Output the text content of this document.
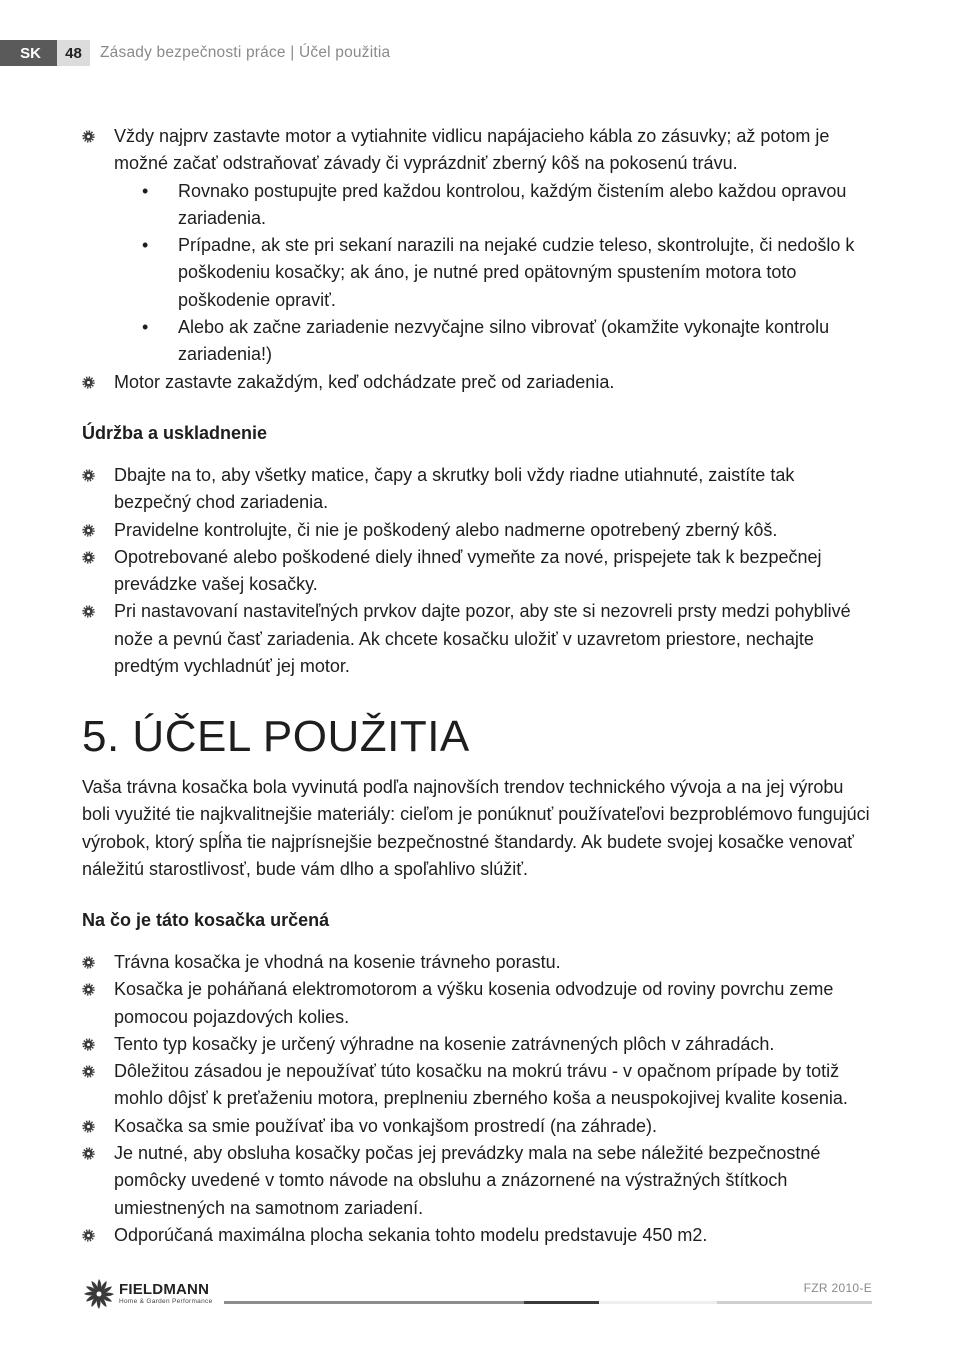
SK	48	Zásady bezpečnosti práce | Účel použitia
Vždy najprv zastavte motor a vytiahnite vidlicu napájacieho kábla zo zásuvky; až potom je možné začať odstraňovať závady či vyprázdniť zberný kôš na pokosenú trávu.
• Rovnako postupujte pred každou kontrolou, každým čistením alebo každou opravou zariadenia.
• Prípadne, ak ste pri sekaní narazili na nejaké cudzie teleso, skontrolujte, či nedošlo k poškodeniu kosačky; ak áno, je nutné pred opätovným spustením motora toto poškodenie opraviť.
• Alebo ak začne zariadenie nezvyčajne silno vibrovať (okamžite vykonajte kontrolu zariadenia!)
Motor zastavte zakaždým, keď odchádzate preč od zariadenia.
Údržba a uskladnenie
Dbajte na to, aby všetky matice, čapy a skrutky boli vždy riadne utiahnuté, zaistíte tak bezpečný chod zariadenia.
Pravidelne kontrolujte, či nie je poškodený alebo nadmerne opotrebený zberný kôš.
Opotrebované alebo poškodené diely ihneď vymeňte za nové, prispejete tak k bezpečnej prevádzke vašej kosačky.
Pri nastavovaní nastaviteľných prvkov dajte pozor, aby ste si nezovreli prsty medzi pohyblivé nože a pevnú časť zariadenia. Ak chcete kosačku uložiť v uzavretom priestore, nechajte predtým vychladnúť jej motor.
5. ÚČEL POUŽITIA

Vaša trávna kosačka bola vyvinutá podľa najnovších trendov technického vývoja a na jej výrobu boli využité tie najkvalitnejšie materiály: cieľom je ponúknuť používateľovi bezproblémovo fungujúci výrobok, ktorý spĺňa tie najprísnejšie bezpečnostné štandardy. Ak budete svojej kosačke venovať náležitú starostlivosť, bude vám dlho a spoľahlivo slúžiť.

Na čo je táto kosačka určená
Trávna kosačka je vhodná na kosenie trávneho porastu.
Kosačka je poháňaná elektromotorom a výšku kosenia odvodzuje od roviny povrchu zeme pomocou pojazdových kolies.
Tento typ kosačky je určený výhradne na kosenie zatrávnených plôch v záhradách.
Dôležitou zásadou je nepoužívať túto kosačku na mokrú trávu - v opačnom prípade by totiž mohlo dôjsť k preťaženiu motora, preplneniu zberného koša a neuspokojivej kvalite kosenia.
Kosačka sa smie používať iba vo vonkajšom prostredí (na záhrade).
Je nutné, aby obsluha kosačky počas jej prevádzky mala na sebe náležité bezpečnostné pomôcky uvedené v tomto návode na obsluhu a znázornené na výstražných štítkoch umiestnených na samotnom zariadení.
Odporúčaná maximálna plocha sekania tohto modelu predstavuje 450 m2.
FIELDMANN
Home & Garden Performance
FZR 2010-E
